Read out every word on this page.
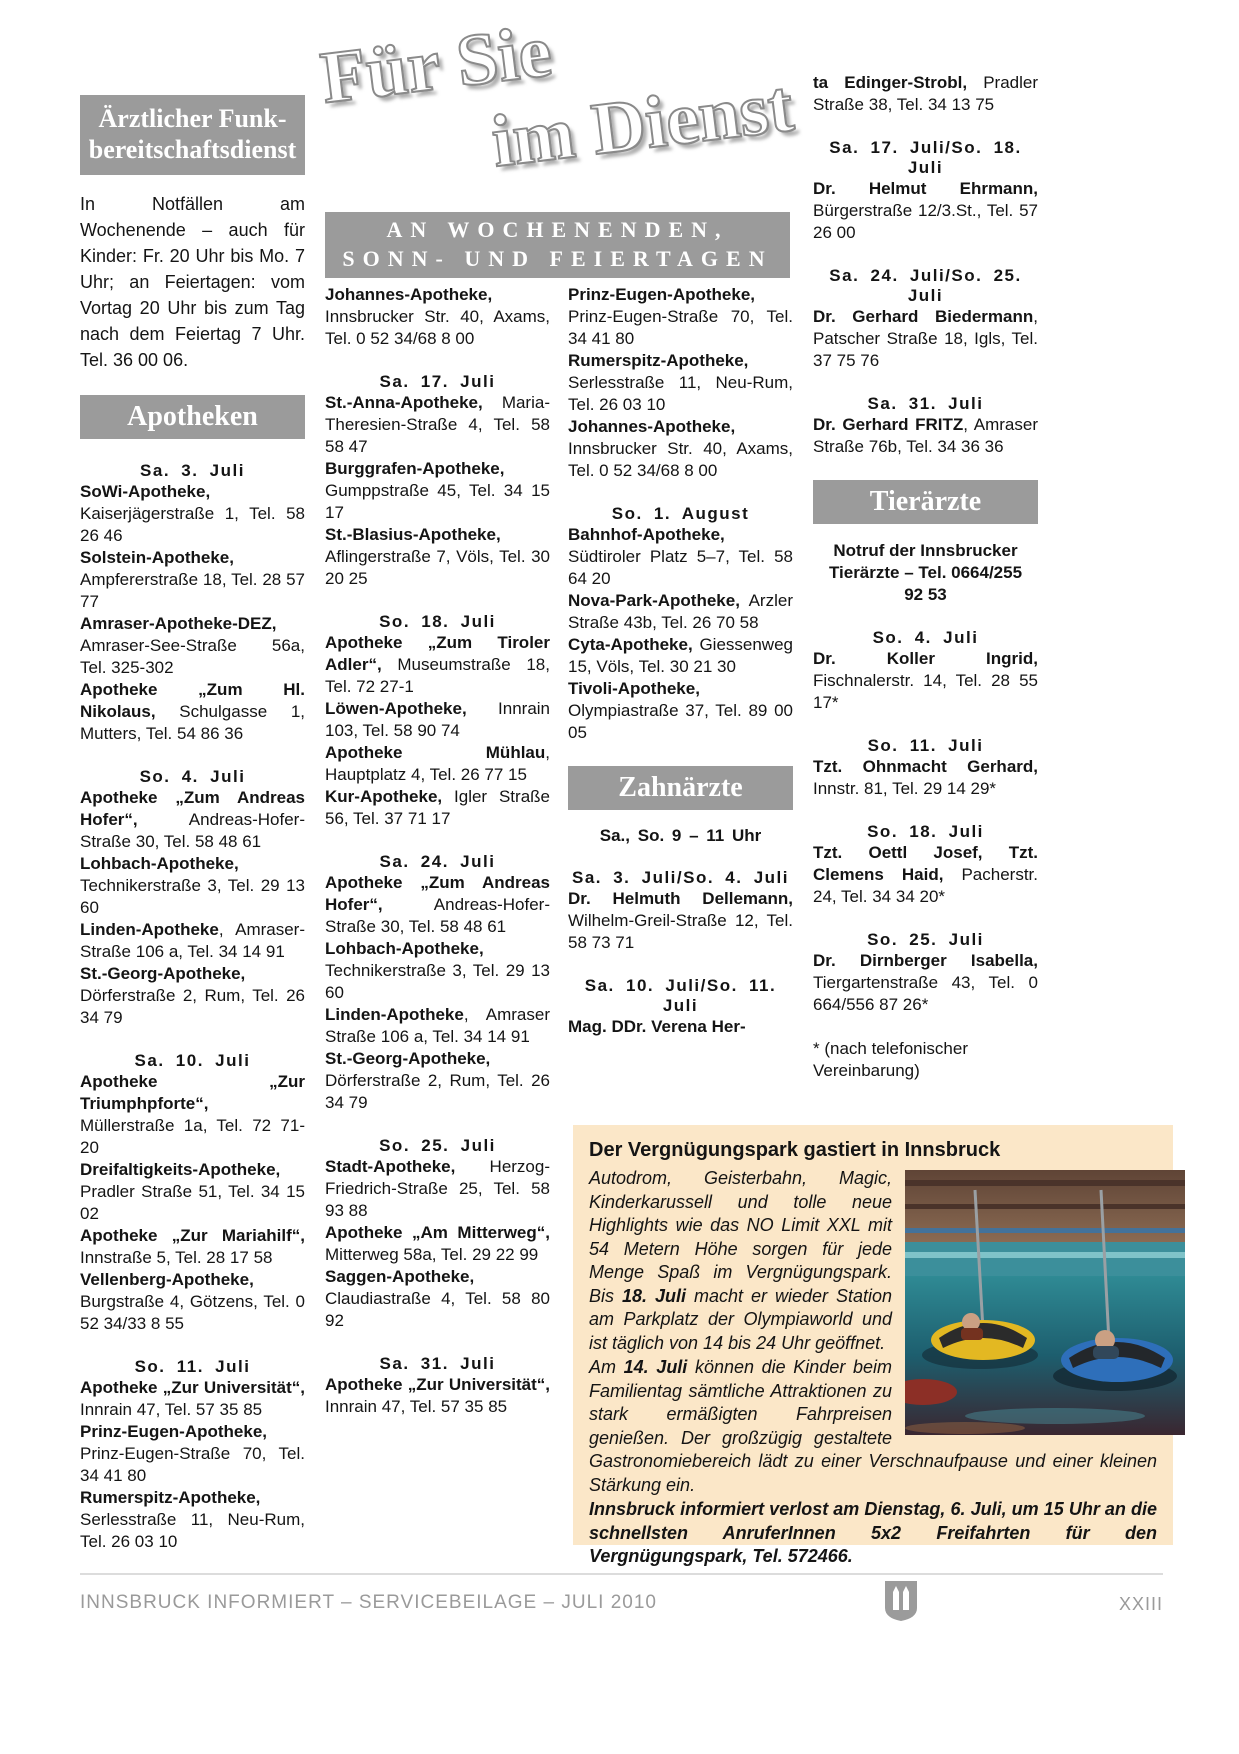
Für Sie
im Dienst
AN WOCHENENDEN,
SONN- UND FEIERTAGEN
Ärztlicher Funk-
bereitschaftsdienst
In Notfällen am Wochenende – auch für Kinder: Fr. 20 Uhr bis Mo. 7 Uhr; an Feiertagen: vom Vortag 20 Uhr bis zum Tag nach dem Feiertag 7 Uhr. Tel. 36 00 06.
Apotheken
Sa. 3. Juli
SoWi-Apotheke, Kaiserjägerstraße 1, Tel. 58 26 46
Solstein-Apotheke, Ampfererstraße 18, Tel. 28 57 77
Amraser-Apotheke-DEZ, Amraser-See-Straße 56a, Tel. 325-302
Apotheke „Zum Hl. Nikolaus, Schulgasse 1, Mutters, Tel. 54 86 36
So. 4. Juli
Apotheke „Zum Andreas Hofer“, Andreas-Hofer-Straße 30, Tel. 58 48 61
Lohbach-Apotheke, Technikerstraße 3, Tel. 29 13 60
Linden-Apotheke, Amraser-Straße 106 a, Tel. 34 14 91
St.-Georg-Apotheke, Dörferstraße 2, Rum, Tel. 26 34 79
Sa. 10. Juli
Apotheke „Zur Triumphpforte“, Müllerstraße 1a, Tel. 72 71-20
Dreifaltigkeits-Apotheke, Pradler Straße 51, Tel. 34 15 02
Apotheke „Zur Mariahilf“, Innstraße 5, Tel. 28 17 58
Vellenberg-Apotheke, Burgstraße 4, Götzens, Tel. 0 52 34/33 8 55
So. 11. Juli
Apotheke „Zur Universität“, Innrain 47, Tel. 57 35 85
Prinz-Eugen-Apotheke, Prinz-Eugen-Straße 70, Tel. 34 41 80
Rumerspitz-Apotheke, Serlesstraße 11, Neu-Rum, Tel. 26 03 10
Johannes-Apotheke, Innsbrucker Str. 40, Axams, Tel. 0 52 34/68 8 00
Sa. 17. Juli
St.-Anna-Apotheke, Maria-Theresien-Straße 4, Tel. 58 58 47
Burggrafen-Apotheke, Gumppstraße 45, Tel. 34 15 17
St.-Blasius-Apotheke, Aflingerstraße 7, Völs, Tel. 30 20 25
So. 18. Juli
Apotheke „Zum Tiroler Adler“, Museumstraße 18, Tel. 72 27-1
Löwen-Apotheke, Innrain 103, Tel. 58 90 74
Apotheke Mühlau, Hauptplatz 4, Tel. 26 77 15
Kur-Apotheke, Igler Straße 56, Tel. 37 71 17
Sa. 24. Juli
Apotheke „Zum Andreas Hofer“, Andreas-Hofer-Straße 30, Tel. 58 48 61
Lohbach-Apotheke, Technikerstraße 3, Tel. 29 13 60
Linden-Apotheke, Amraser Straße 106 a, Tel. 34 14 91
St.-Georg-Apotheke, Dörferstraße 2, Rum, Tel. 26 34 79
So. 25. Juli
Stadt-Apotheke, Herzog-Friedrich-Straße 25, Tel. 58 93 88
Apotheke „Am Mitterweg“, Mitterweg 58a, Tel. 29 22 99
Saggen-Apotheke, Claudiastraße 4, Tel. 58 80 92
Sa. 31. Juli
Apotheke „Zur Universität“, Innrain 47, Tel. 57 35 85
Prinz-Eugen-Apotheke, Prinz-Eugen-Straße 70, Tel. 34 41 80
Rumerspitz-Apotheke, Serlesstraße 11, Neu-Rum, Tel. 26 03 10
Johannes-Apotheke, Innsbrucker Str. 40, Axams, Tel. 0 52 34/68 8 00
So. 1. August
Bahnhof-Apotheke, Südtiroler Platz 5–7, Tel. 58 64 20
Nova-Park-Apotheke, Arzler Straße 43b, Tel. 26 70 58
Cyta-Apotheke, Giessenweg 15, Völs, Tel. 30 21 30
Tivoli-Apotheke, Olympiastraße 37, Tel. 89 00 05
Zahnärzte
Sa., So. 9 – 11 Uhr
Sa. 3. Juli/So. 4. Juli
Dr. Helmuth Dellemann, Wilhelm-Greil-Straße 12, Tel. 58 73 71
Sa. 10. Juli/So. 11. Juli
Mag. DDr. Verena Her-
ta Edinger-Strobl, Pradler Straße 38, Tel. 34 13 75
Sa. 17. Juli/So. 18. Juli
Dr. Helmut Ehrmann, Bürgerstraße 12/3.St., Tel. 57 26 00
Sa. 24. Juli/So. 25. Juli
Dr. Gerhard Biedermann, Patscher Straße 18, Igls, Tel. 37 75 76
Sa. 31. Juli
Dr. Gerhard FRITZ, Amraser Straße 76b, Tel. 34 36 36
Tierärzte
Notruf der Innsbrucker Tierärzte – Tel. 0664/255 92 53
So. 4. Juli
Dr. Koller Ingrid, Fischnalerstr. 14, Tel. 28 55 17*
So. 11. Juli
Tzt. Ohnmacht Gerhard, Innstr. 81, Tel. 29 14 29*
So. 18. Juli
Tzt. Oettl Josef, Tzt. Clemens Haid, Pacherstr. 24, Tel. 34 34 20*
So. 25. Juli
Dr. Dirnberger Isabella, Tiergartenstraße 43, Tel. 0 664/556 87 26*
* (nach telefonischer Vereinbarung)
Der Vergnügungspark gastiert in Innsbruck

Autodrom, Geisterbahn, Magic, Kinderkarussell und tolle neue Highlights wie das NO Limit XXL mit 54 Metern Höhe sorgen für jede Menge Spaß im Vergnügungspark. Bis 18. Juli macht er wieder Station am Parkplatz der Olympiaworld und ist täglich von 14 bis 24 Uhr geöffnet.

Am 14. Juli können die Kinder beim Familientag sämtliche Attraktionen zu stark ermäßigten Fahrpreisen genießen. Der großzügig gestaltete Gastronomiebereich lädt zu einer Verschnaufpause und einer kleinen Stärkung ein.

Innsbruck informiert verlost am Dienstag, 6. Juli, um 15 Uhr an die schnellsten AnruferInnen 5x2 Freifahrten für den Vergnügungspark, Tel. 572466.

INNSBRUCK INFORMIERT – SERVICEBEILAGE – JULI 2010	XXIII
